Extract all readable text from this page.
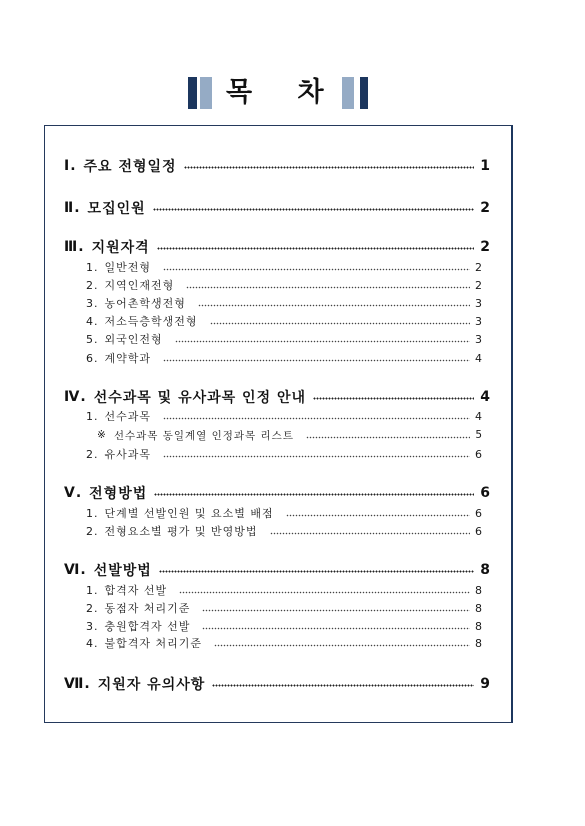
목 차
Ⅰ. 주요 전형일정	1
Ⅱ. 모집인원	2
Ⅲ. 지원자격	2
1. 일반전형	2
2. 지역인재전형	2
3. 농어촌학생전형	3
4. 저소득층학생전형	3
5. 외국인전형	3
6. 계약학과	4
Ⅳ. 선수과목 및 유사과목 인정 안내	4
1. 선수과목	4
※ 선수과목 동일계열 인정과목 리스트	5
2. 유사과목	6
Ⅴ. 전형방법	6
1. 단계별 선발인원 및 요소별 배점	6
2. 전형요소별 평가 및 반영방법	6
Ⅵ. 선발방법	8
1. 합격자 선발	8
2. 동점자 처리기준	8
3. 충원합격자 선발	8
4. 불합격자 처리기준	8
Ⅶ. 지원자 유의사항	9
